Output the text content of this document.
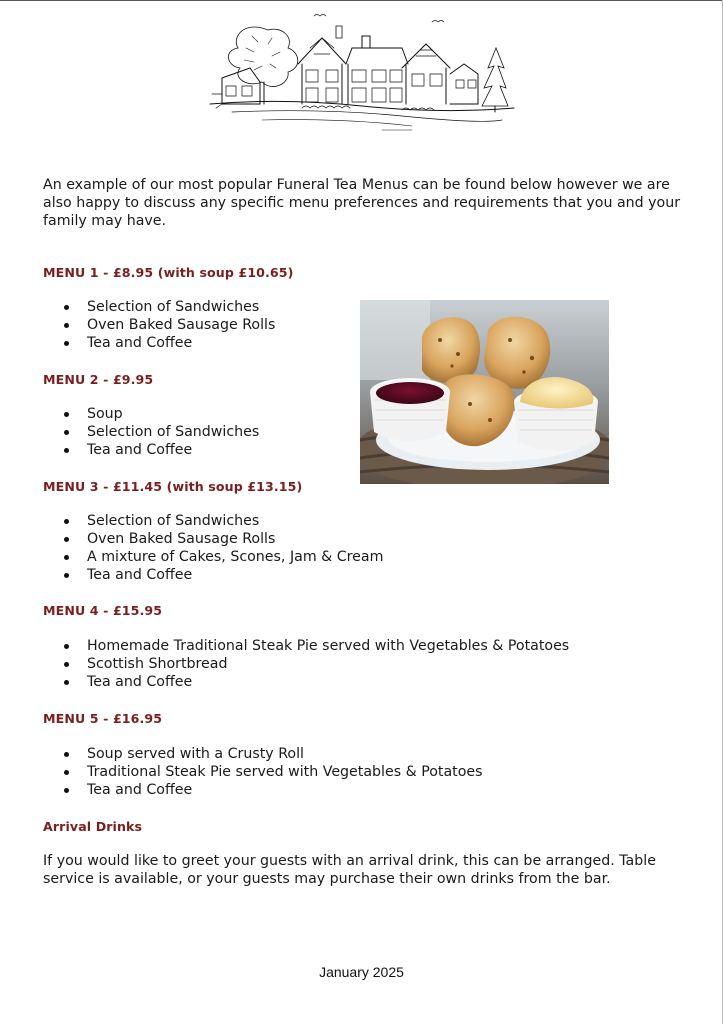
An example of our most popular Funeral Tea Menus can be found below however we are also happy to discuss any specific menu preferences and requirements that you and your family may have.

MENU 1 - £8.95 (with soup £10.65)
Selection of Sandwiches
Oven Baked Sausage Rolls
Tea and Coffee
MENU 2 - £9.95
Soup
Selection of Sandwiches
Tea and Coffee
MENU 3 - £11.45 (with soup £13.15)
Selection of Sandwiches
Oven Baked Sausage Rolls
A mixture of Cakes, Scones, Jam & Cream
Tea and Coffee
MENU 4 - £15.95
Homemade Traditional Steak Pie served with Vegetables & Potatoes
Scottish Shortbread
Tea and Coffee
MENU 5 - £16.95
Soup served with a Crusty Roll
Traditional Steak Pie served with Vegetables & Potatoes
Tea and Coffee
Arrival Drinks

If you would like to greet your guests with an arrival drink, this can be arranged. Table service is available, or your guests may purchase their own drinks from the bar.

January 2025
